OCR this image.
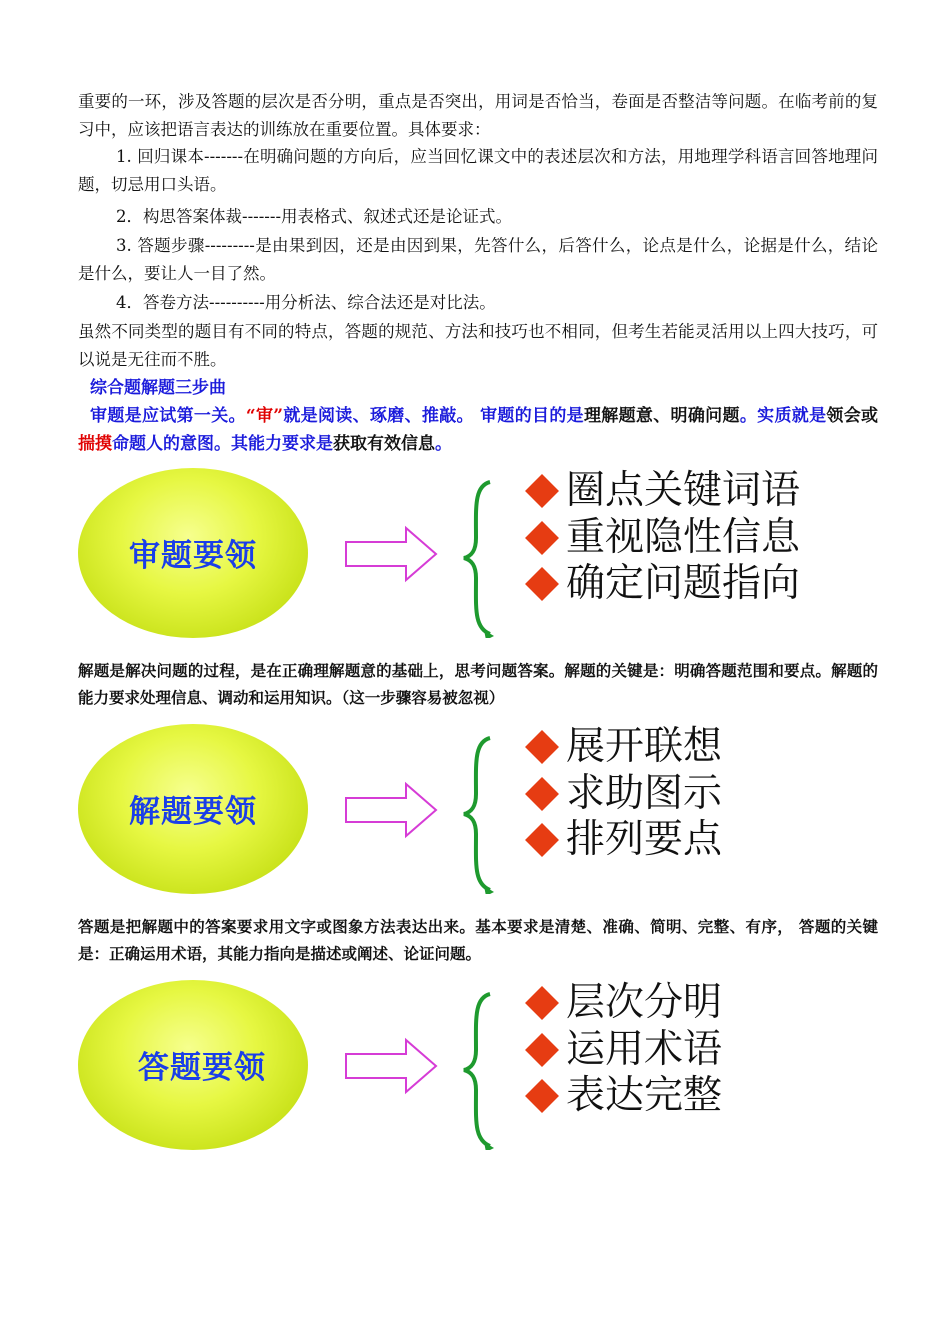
重要的一环，涉及答题的层次是否分明，重点是否突出，用词是否恰当，卷面是否整洁等问题。在临考前的复习中，应该把语言表达的训练放在重要位置。具体要求：

1. 回归课本-------在明确问题的方向后，应当回忆课文中的表述层次和方法，用地理学科语言回答地理问题，切忌用口头语。

2．构思答案体裁-------用表格式、叙述式还是论证式。

3. 答题步骤---------是由果到因，还是由因到果，先答什么，后答什么，论点是什么，论据是什么，结论是什么，要让人一目了然。

4．答卷方法----------用分析法、综合法还是对比法。

虽然不同类型的题目有不同的特点，答题的规范、方法和技巧也不相同，但考生若能灵活用以上四大技巧，可以说是无往而不胜。

综合题解题三步曲

审题是应试第一关。“审”就是阅读、琢磨、推敲。 审题的目的是理解题意、明确问题。实质就是领会或揣摸命题人的意图。其能力要求是获取有效信息。

审题要领
圈点关键词语
重视隐性信息
确定问题指向

解题是解决问题的过程，是在正确理解题意的基础上，思考问题答案。解题的关键是：明确答题范围和要点。解题的能力要求处理信息、调动和运用知识。（这一步骤容易被忽视）

解题要领
展开联想
求助图示
排列要点

答题是把解题中的答案要求用文字或图象方法表达出来。基本要求是清楚、准确、简明、完整、有序， 答题的关键是：正确运用术语，其能力指向是描述或阐述、论证问题。

答题要领
层次分明
运用术语
表达完整
